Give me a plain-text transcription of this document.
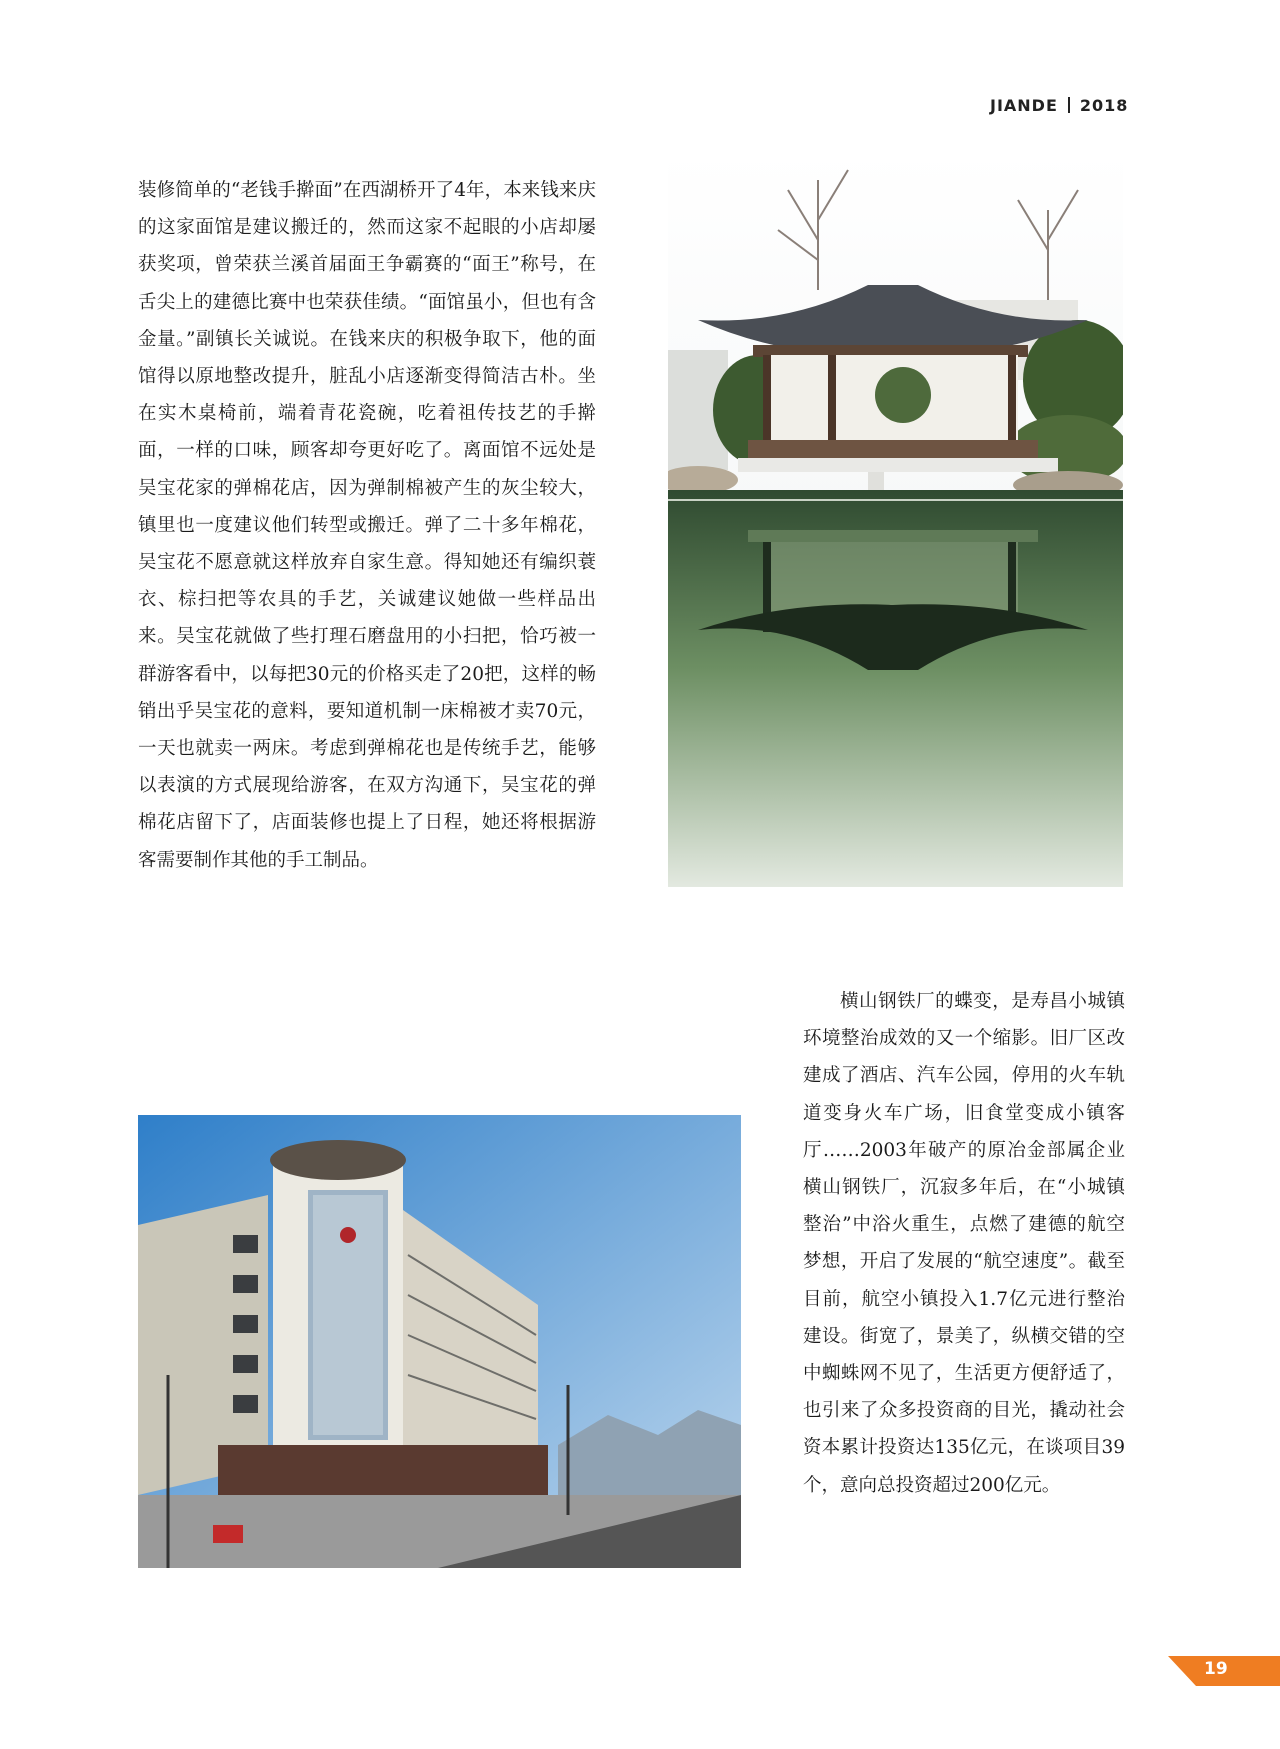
JIANDE 2018

装修简单的“老钱手擀面”在西湖桥开了4年，本来钱来庆的这家面馆是建议搬迁的，然而这家不起眼的小店却屡获奖项，曾荣获兰溪首届面王争霸赛的“面王”称号，在舌尖上的建德比赛中也荣获佳绩。“面馆虽小，但也有含金量。”副镇长关诚说。在钱来庆的积极争取下，他的面馆得以原地整改提升，脏乱小店逐渐变得简洁古朴。坐在实木桌椅前，端着青花瓷碗，吃着祖传技艺的手擀面，一样的口味，顾客却夸更好吃了。离面馆不远处是吴宝花家的弹棉花店，因为弹制棉被产生的灰尘较大，镇里也一度建议他们转型或搬迁。弹了二十多年棉花，吴宝花不愿意就这样放弃自家生意。得知她还有编织蓑衣、棕扫把等农具的手艺，关诚建议她做一些样品出来。吴宝花就做了些打理石磨盘用的小扫把，恰巧被一群游客看中，以每把30元的价格买走了20把，这样的畅销出乎吴宝花的意料，要知道机制一床棉被才卖70元，一天也就卖一两床。考虑到弹棉花也是传统手艺，能够以表演的方式展现给游客，在双方沟通下，吴宝花的弹棉花店留下了，店面装修也提上了日程，她还将根据游客需要制作其他的手工制品。

横山钢铁厂的蝶变，是寿昌小城镇环境整治成效的又一个缩影。旧厂区改建成了酒店、汽车公园，停用的火车轨道变身火车广场，旧食堂变成小镇客厅……2003年破产的原冶金部属企业横山钢铁厂，沉寂多年后，在“小城镇整治”中浴火重生，点燃了建德的航空梦想，开启了发展的“航空速度”。截至目前，航空小镇投入1.7亿元进行整治建设。街宽了，景美了，纵横交错的空中蜘蛛网不见了，生活更方便舒适了，也引来了众多投资商的目光，撬动社会资本累计投资达135亿元，在谈项目39个，意向总投资超过200亿元。

19
